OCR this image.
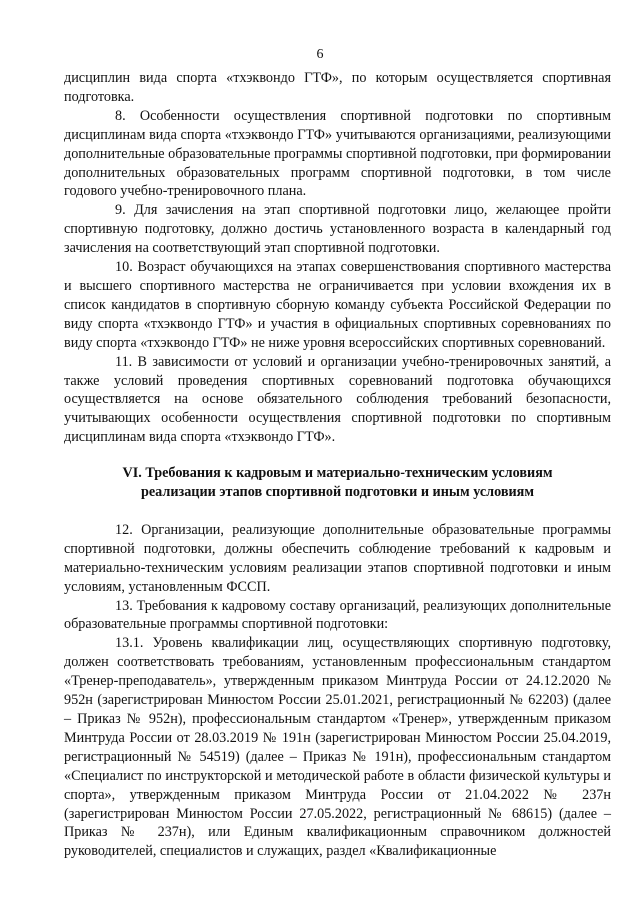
6

дисциплин вида спорта «тхэквондо ГТФ», по которым осуществляется спортивная подготовка.

8. Особенности осуществления спортивной подготовки по спортивным дисциплинам вида спорта «тхэквондо ГТФ» учитываются организациями, реализующими дополнительные образовательные программы спортивной подготовки, при формировании дополнительных образовательных программ спортивной подготовки, в том числе годового учебно-тренировочного плана.

9. Для зачисления на этап спортивной подготовки лицо, желающее пройти спортивную подготовку, должно достичь установленного возраста в календарный год зачисления на соответствующий этап спортивной подготовки.

10. Возраст обучающихся на этапах совершенствования спортивного мастерства и высшего спортивного мастерства не ограничивается при условии вхождения их в список кандидатов в спортивную сборную команду субъекта Российской Федерации по виду спорта «тхэквондо ГТФ» и участия в официальных спортивных соревнованиях по виду спорта «тхэквондо ГТФ» не ниже уровня всероссийских спортивных соревнований.

11. В зависимости от условий и организации учебно-тренировочных занятий, а также условий проведения спортивных соревнований подготовка обучающихся осуществляется на основе обязательного соблюдения требований безопасности, учитывающих особенности осуществления спортивной подготовки по спортивным дисциплинам вида спорта «тхэквондо ГТФ».

VI. Требования к кадровым и материально-техническим условиям реализации этапов спортивной подготовки и иным условиям

12. Организации, реализующие дополнительные образовательные программы спортивной подготовки, должны обеспечить соблюдение требований к кадровым и материально-техническим условиям реализации этапов спортивной подготовки и иным условиям, установленным ФССП.

13. Требования к кадровому составу организаций, реализующих дополнительные образовательные программы спортивной подготовки:

13.1. Уровень квалификации лиц, осуществляющих спортивную подготовку, должен соответствовать требованиям, установленным профессиональным стандартом «Тренер-преподаватель», утвержденным приказом Минтруда России от 24.12.2020 № 952н (зарегистрирован Минюстом России 25.01.2021, регистрационный № 62203) (далее – Приказ № 952н), профессиональным стандартом «Тренер», утвержденным приказом Минтруда России от 28.03.2019 № 191н (зарегистрирован Минюстом России 25.04.2019, регистрационный № 54519) (далее – Приказ № 191н), профессиональным стандартом «Специалист по инструкторской и методической работе в области физической культуры и спорта», утвержденным приказом Минтруда России от 21.04.2022 № 237н (зарегистрирован Минюстом России 27.05.2022, регистрационный № 68615) (далее – Приказ № 237н), или Единым квалификационным справочником должностей руководителей, специалистов и служащих, раздел «Квалификационные
